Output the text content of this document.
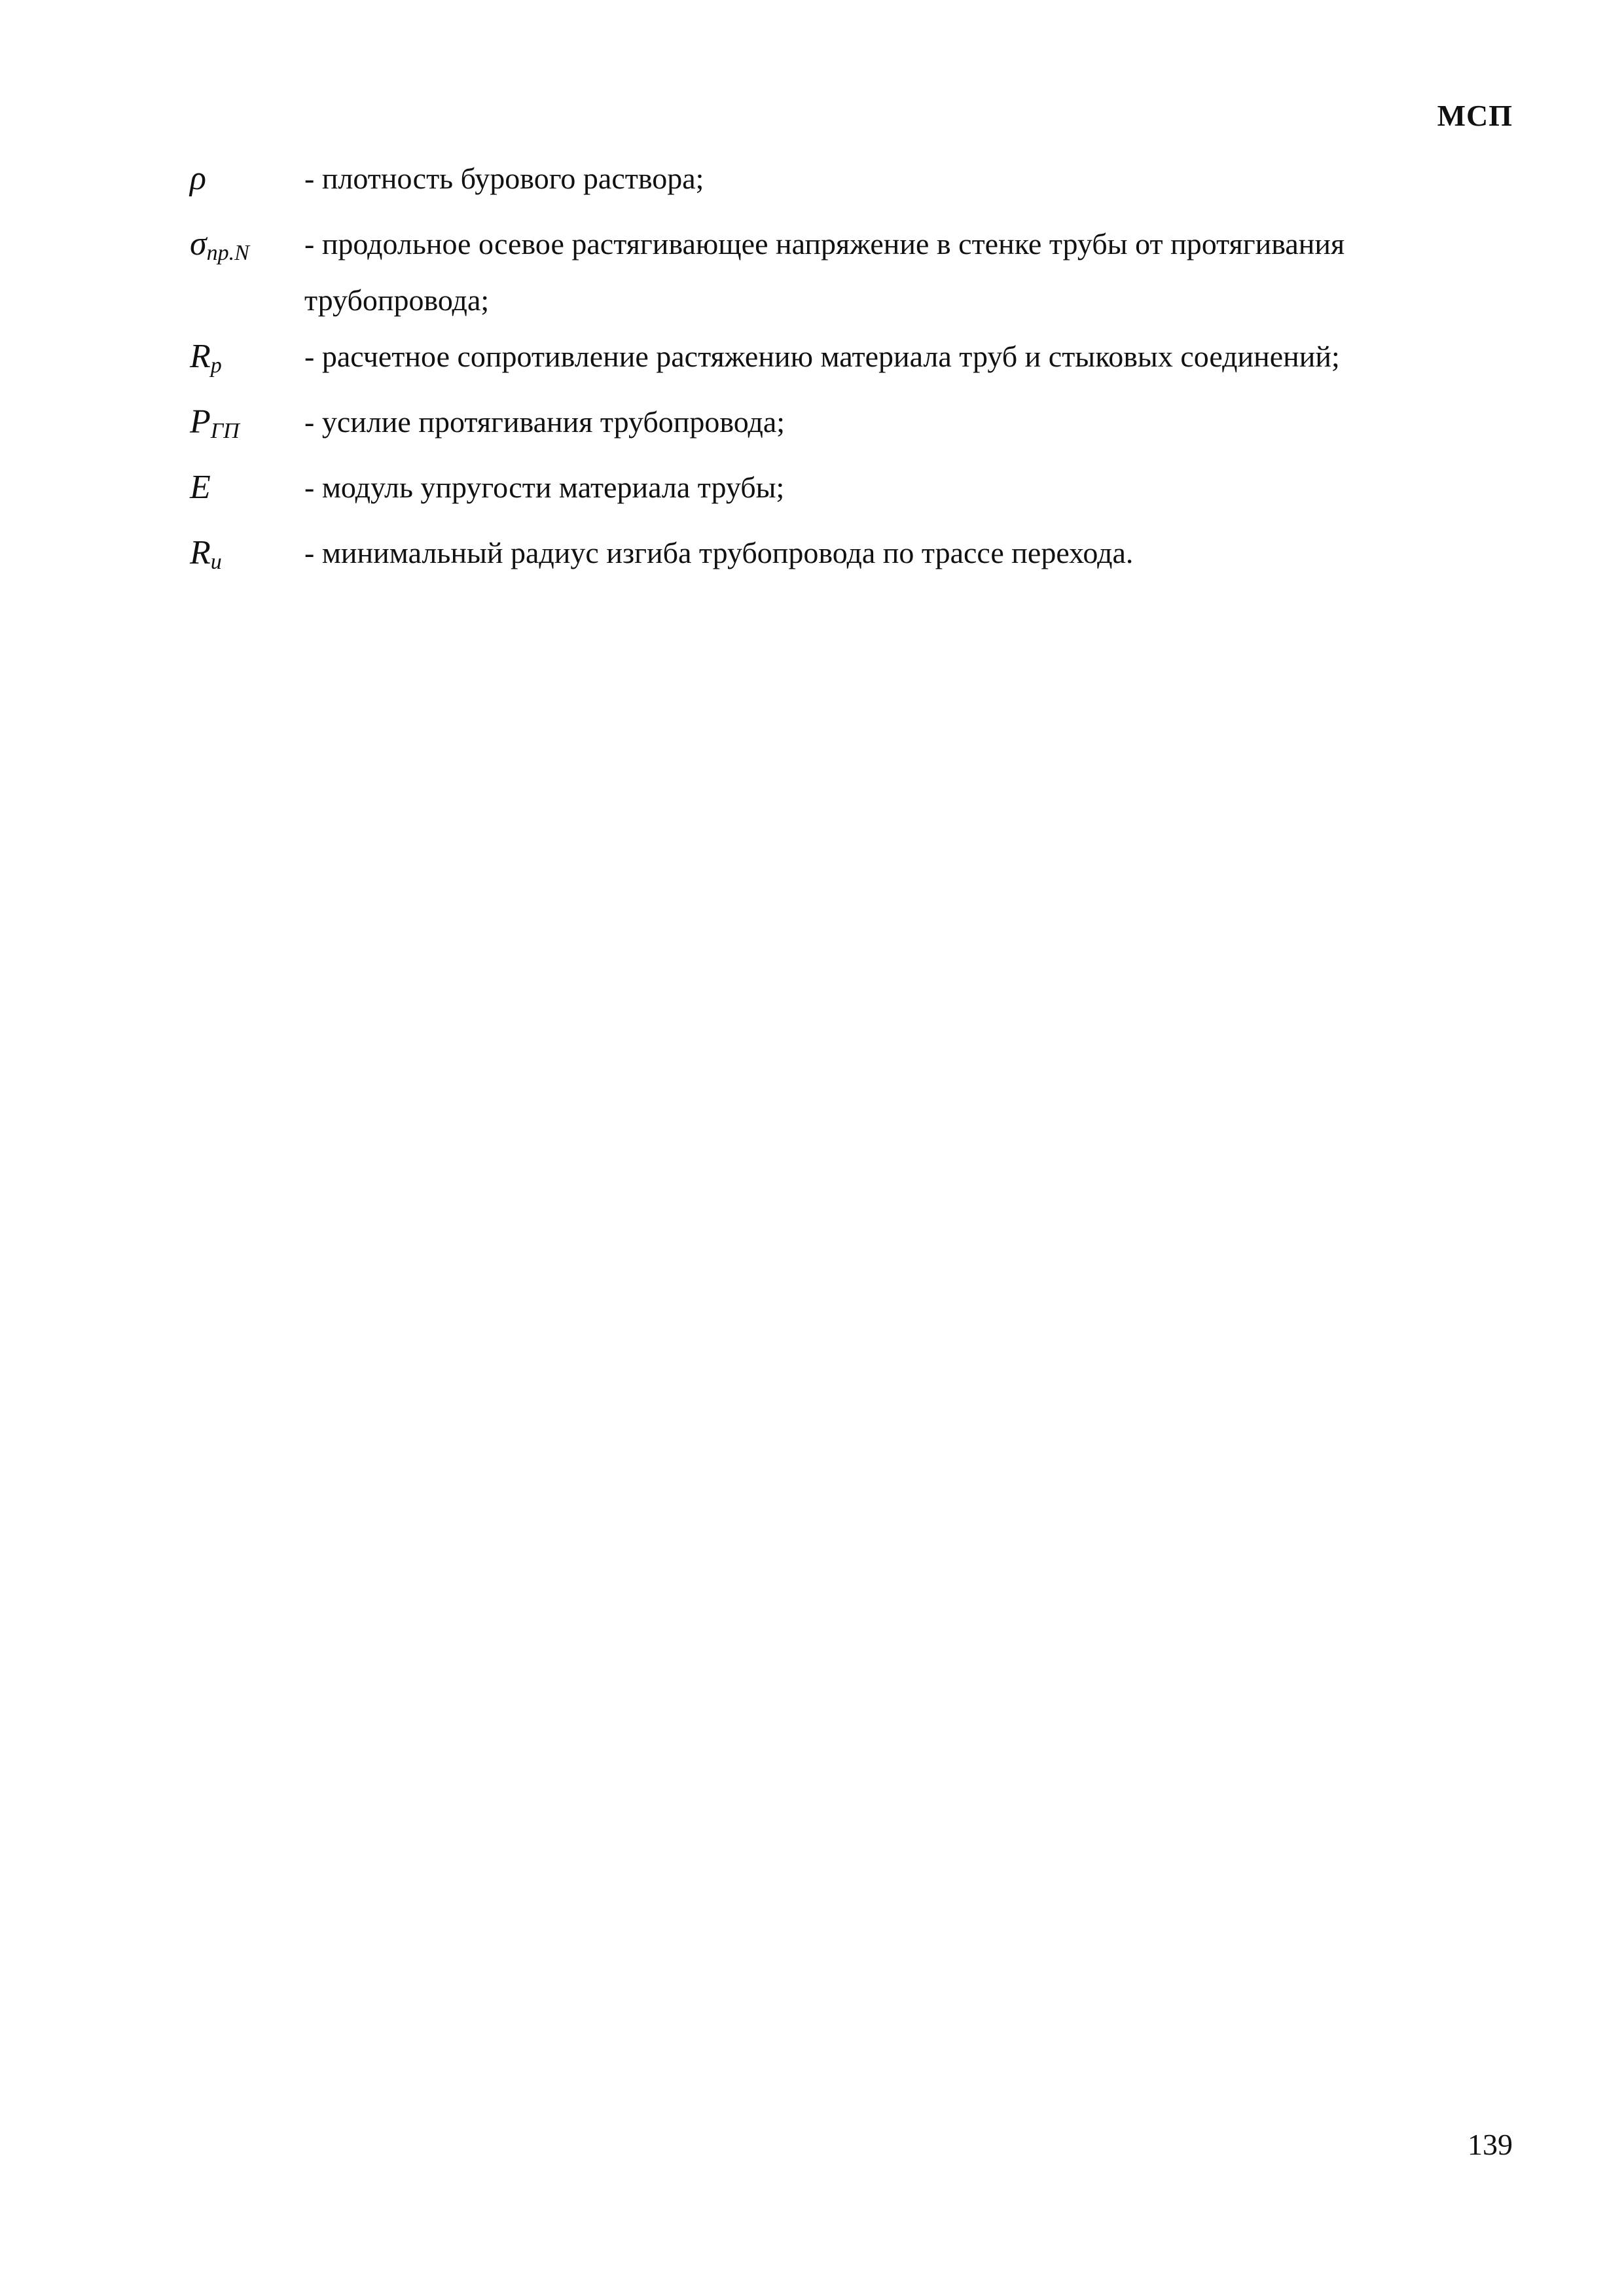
МСП
ρ	- плотность бурового раствора;
$\sigma_{пр.N}$	- продольное осевое растягивающее напряжение в стенке трубы от протягивания трубопровода;
$R_р$	- расчетное сопротивление растяжению материала труб и стыковых соединений;
$P_{ГП}$	- усилие протягивания трубопровода;
E	- модуль упругости материала трубы;
$R_и$	- минимальный радиус изгиба трубопровода по трассе перехода.
139
